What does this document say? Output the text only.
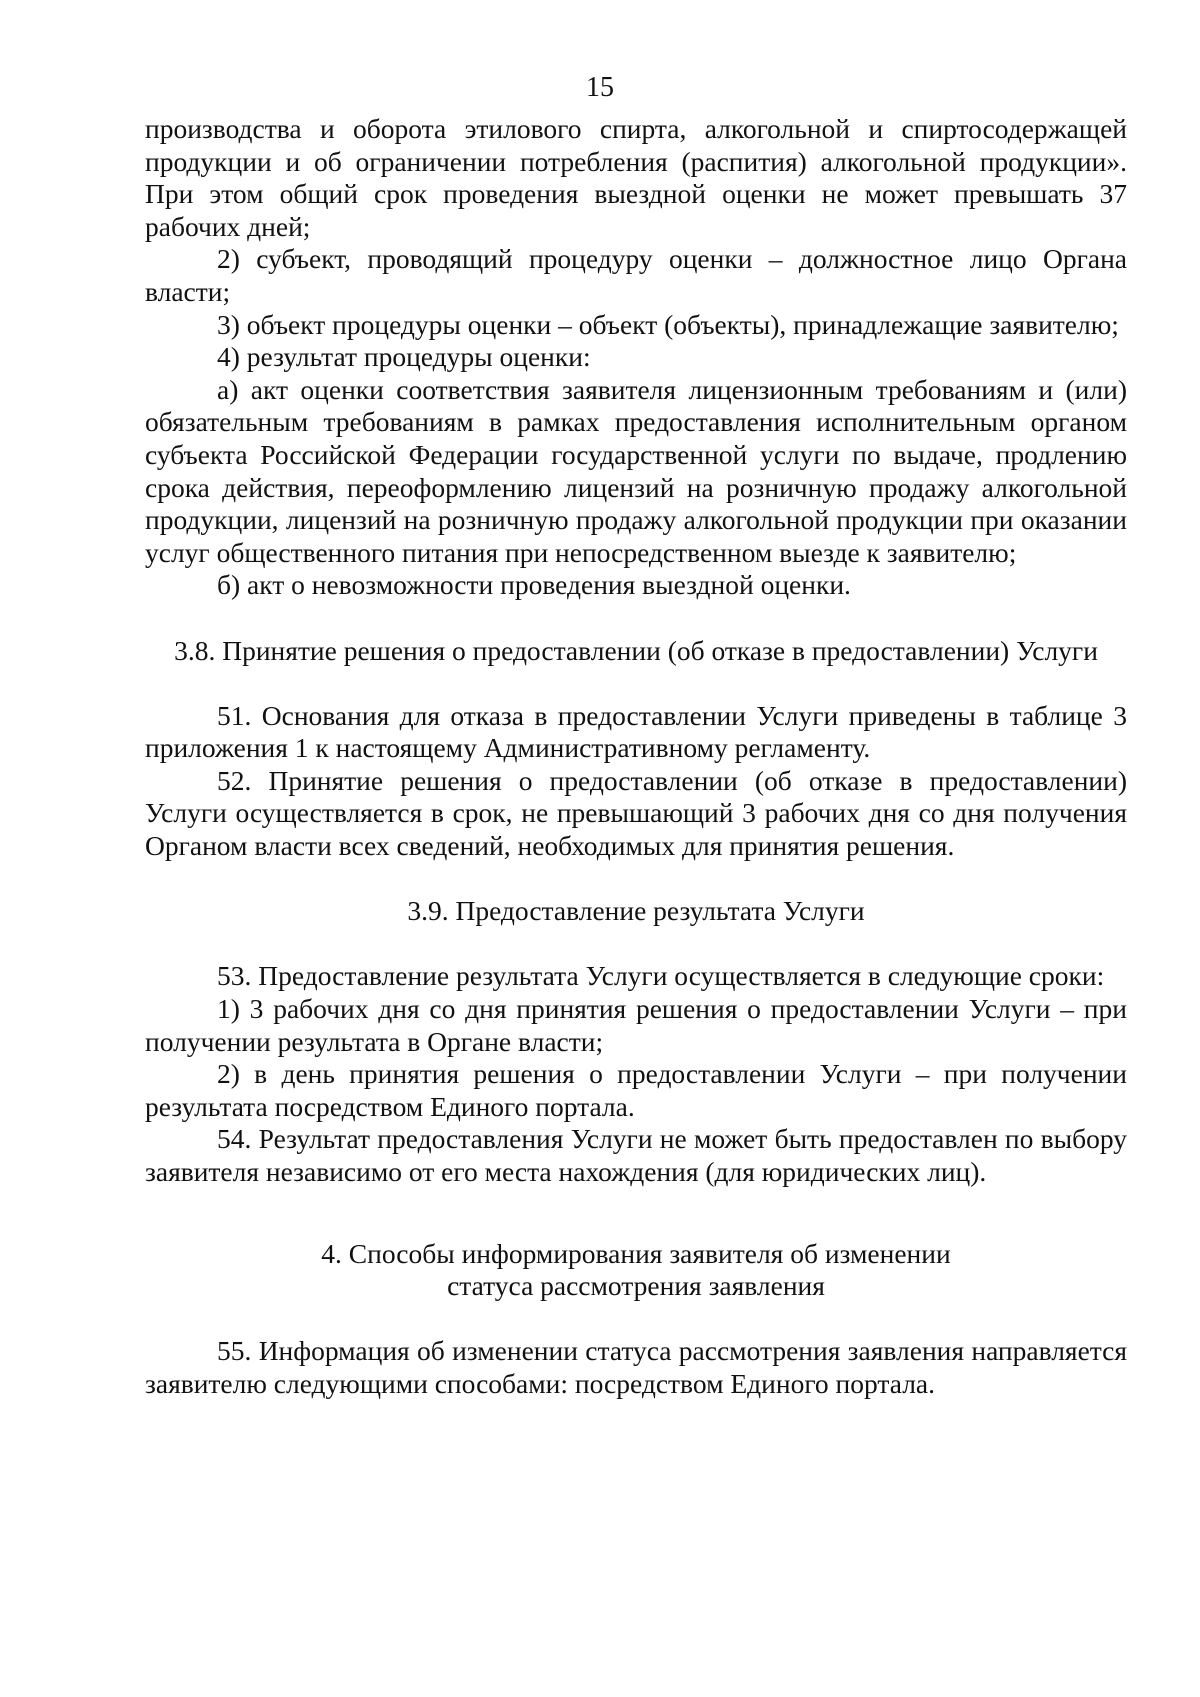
15

производства и оборота этилового спирта, алкогольной и спиртосодержащей продукции и об ограничении потребления (распития) алкогольной продукции». При этом общий срок проведения выездной оценки не может превышать 37 рабочих дней;

2) субъект, проводящий процедуру оценки – должностное лицо Органа власти;

3) объект процедуры оценки – объект (объекты), принадлежащие заявителю;

4) результат процедуры оценки:

а) акт оценки соответствия заявителя лицензионным требованиям и (или) обязательным требованиям в рамках предоставления исполнительным органом субъекта Российской Федерации государственной услуги по выдаче, продлению срока действия, переоформлению лицензий на розничную продажу алкогольной продукции, лицензий на розничную продажу алкогольной продукции при оказании услуг общественного питания при непосредственном выезде к заявителю;

б) акт о невозможности проведения выездной оценки.

3.8. Принятие решения о предоставлении (об отказе в предоставлении) Услуги

51. Основания для отказа в предоставлении Услуги приведены в таблице 3 приложения 1 к настоящему Административному регламенту.

52. Принятие решения о предоставлении (об отказе в предоставлении) Услуги осуществляется в срок, не превышающий 3 рабочих дня со дня получения Органом власти всех сведений, необходимых для принятия решения.

3.9. Предоставление результата Услуги

53. Предоставление результата Услуги осуществляется в следующие сроки:

1) 3 рабочих дня со дня принятия решения о предоставлении Услуги – при получении результата в Органе власти;

2) в день принятия решения о предоставлении Услуги – при получении результата посредством Единого портала.

54. Результат предоставления Услуги не может быть предоставлен по выбору заявителя независимо от его места нахождения (для юридических лиц).

4. Способы информирования заявителя об изменении

статуса рассмотрения заявления

55. Информация об изменении статуса рассмотрения заявления направляется заявителю следующими способами: посредством Единого портала.
